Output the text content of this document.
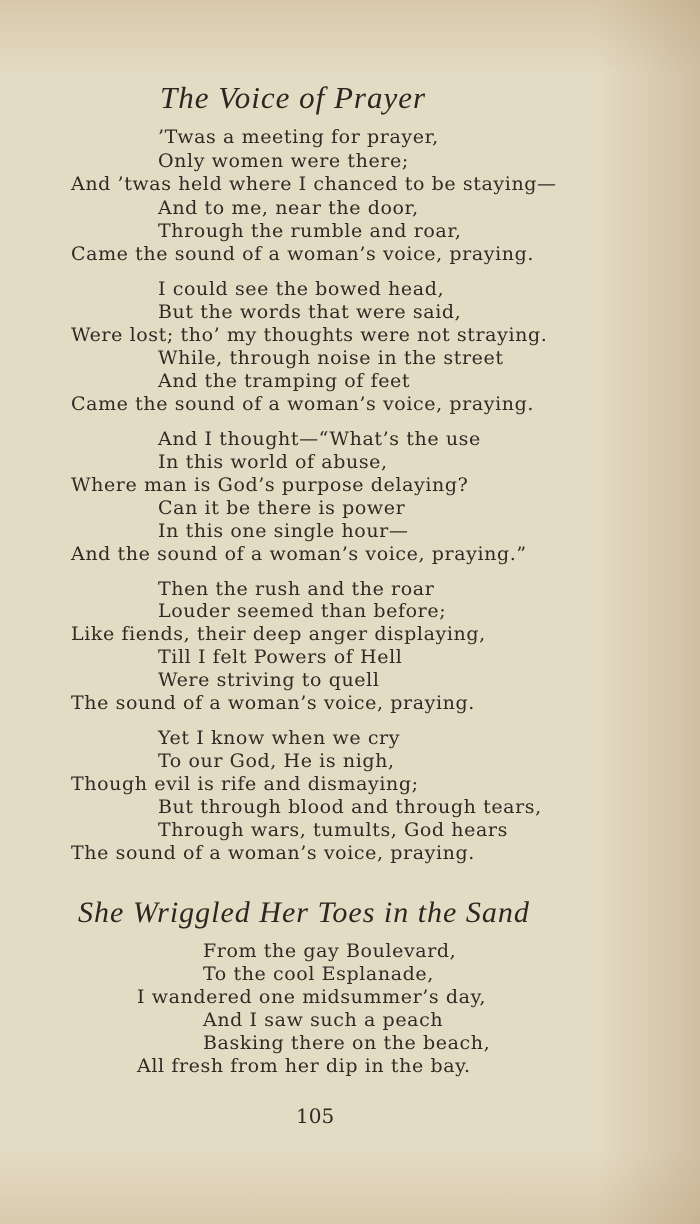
The Voice of Prayer
’Twas a meeting for prayer,
Only women were there;
And ’twas held where I chanced to be staying—
And to me, near the door,
Through the rumble and roar,
Came the sound of a woman’s voice, praying.
I could see the bowed head,
But the words that were said,
Were lost; tho’ my thoughts were not straying.
While, through noise in the street
And the tramping of feet
Came the sound of a woman’s voice, praying.
And I thought—“What’s the use
In this world of abuse,
Where man is God’s purpose delaying?
Can it be there is power
In this one single hour—
And the sound of a woman’s voice, praying.”
Then the rush and the roar
Louder seemed than before;
Like fiends, their deep anger displaying,
Till I felt Powers of Hell
Were striving to quell
The sound of a woman’s voice, praying.
Yet I know when we cry
To our God, He is nigh,
Though evil is rife and dismaying;
But through blood and through tears,
Through wars, tumults, God hears
The sound of a woman’s voice, praying.
She Wriggled Her Toes in the Sand
From the gay Boulevard,
To the cool Esplanade,
I wandered one midsummer’s day,
And I saw such a peach
Basking there on the beach,
All fresh from her dip in the bay.
105
